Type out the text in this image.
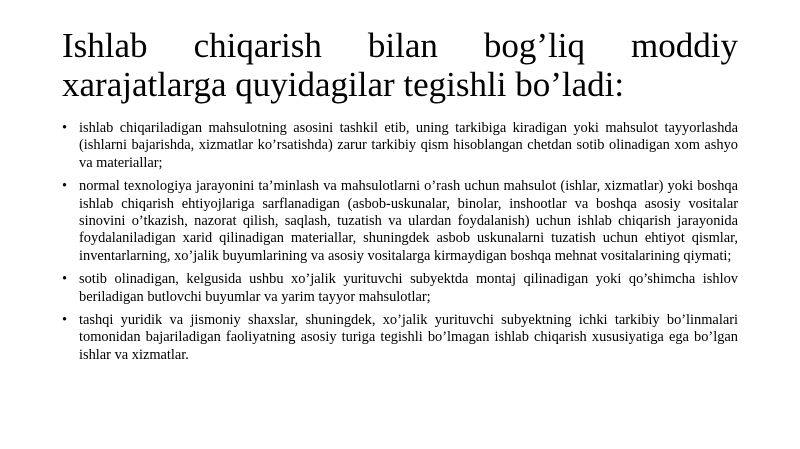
Ishlab chiqarish bilan bog’liq moddiy xarajatlarga quyidagilar tegishli bo’ladi:
• ishlab chiqariladigan mahsulotning asosini tashkil etib, uning tarkibiga kiradigan yoki mahsulot tayyorlashda (ishlarni bajarishda, xizmatlar ko’rsatishda) zarur tarkibiy qism hisoblangan chetdan sotib olinadigan xom ashyo va materiallar;
• normal texnologiya jarayonini ta’minlash va mahsulotlarni o’rash uchun mahsulot (ishlar, xizmatlar) yoki boshqa ishlab chiqarish ehtiyojlariga sarflanadigan (asbob-uskunalar, binolar, inshootlar va boshqa asosiy vositalar sinovini o’tkazish, nazorat qilish, saqlash, tuzatish va ulardan foydalanish) uchun ishlab chiqarish jarayonida foydalaniladigan xarid qilinadigan materiallar, shuningdek asbob uskunalarni tuzatish uchun ehtiyot qismlar, inventarlarning, xo’jalik buyumlarining va asosiy vositalarga kirmaydigan boshqa mehnat vositalarining qiymati;
• sotib olinadigan, kelgusida ushbu xo’jalik yurituvchi subyektda montaj qilinadigan yoki qo’shimcha ishlov beriladigan butlovchi buyumlar va yarim tayyor mahsulotlar;
• tashqi yuridik va jismoniy shaxslar, shuningdek, xo’jalik yurituvchi subyektning ichki tarkibiy bo’linmalari tomonidan bajariladigan faoliyatning asosiy turiga tegishli bo’lmagan ishlab chiqarish xususiyatiga ega bo’lgan ishlar va xizmatlar.
